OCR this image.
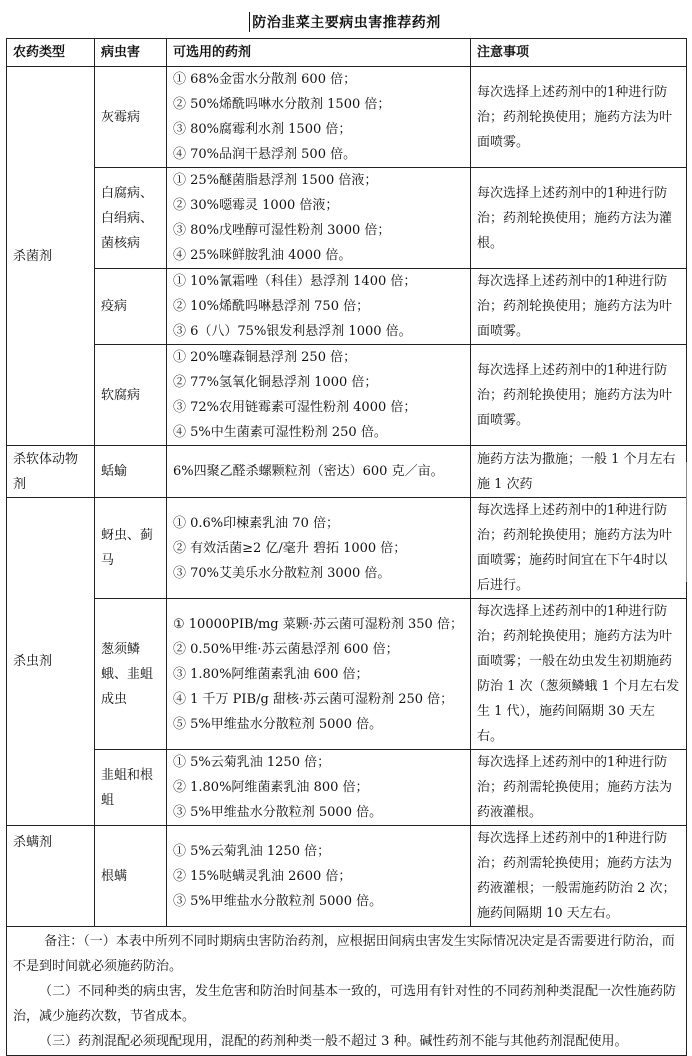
防治韭菜主要病虫害推荐药剂
农药类型	病虫害	可选用的药剂	注意事项
杀菌剂	灰霉病	① 68%金雷水分散剂 600 倍；
② 50%烯酰吗啉水分散剂 1500 倍；
③ 80%腐霉利水剂 1500 倍；
④ 70%品润干悬浮剂 500 倍。	每次选择上述药剂中的1种进行防治；药剂轮换使用；施药方法为叶面喷雾。
	白腐病、白绢病、菌核病	① 25%醚菌脂悬浮剂 1500 倍液；
② 30%噁霉灵 1000 倍液；
③ 80%戊唑醇可湿性粉剂 3000 倍；
④ 25%咪鲜胺乳油 4000 倍。	每次选择上述药剂中的1种进行防治；药剂轮换使用；施药方法为灌根。
	疫病	① 10%氰霜唑（科佳）悬浮剂 1400 倍；
② 10%烯酰吗啉悬浮剂 750 倍；
③ 6（八）75%银发利悬浮剂 1000 倍。	每次选择上述药剂中的1种进行防治；药剂轮换使用；施药方法为叶面喷雾。
	软腐病	① 20%噻森铜悬浮剂 250 倍；
② 77%氢氧化铜悬浮剂 1000 倍；
③ 72%农用链霉素可湿性粉剂 4000 倍；
④ 5%中生菌素可湿性粉剂 250 倍。	每次选择上述药剂中的1种进行防治；药剂轮换使用；施药方法为叶面喷雾。
杀软体动物剂	蛞蝓	6%四聚乙醛杀螺颗粒剂（密达）600 克／亩。	施药方法为撒施；一般 1 个月左右施 1 次药
杀虫剂	蚜虫、蓟马	① 0.6%印楝素乳油 70 倍；
② 有效活菌≥2 亿/毫升 碧拓 1000 倍；
③ 70%艾美乐水分散粒剂 3000 倍。	每次选择上述药剂中的1种进行防治；药剂轮换使用；施药方法为叶面喷雾；施药时间宜在下午4时以后进行。
	葱须鳞蛾、韭蛆成虫	① 10000PIB/mg 菜颗·苏云菌可湿粉剂 350 倍；
② 0.50%甲维·苏云菌悬浮剂 600 倍；
③ 1.80%阿维菌素乳油 600 倍；
④ 1 千万 PIB/g 甜核·苏云菌可湿粉剂 250 倍；
⑤ 5%甲维盐水分散粒剂 5000 倍。	每次选择上述药剂中的1种进行防治；药剂轮换使用；施药方法为叶面喷雾；一般在幼虫发生初期施药防治 1 次（葱须鳞蛾 1 个月左右发生 1 代），施药间隔期 30 天左右。
	韭蛆和根蛆	① 5%云菊乳油 1250 倍；
② 1.80%阿维菌素乳油 800 倍；
③ 5%甲维盐水分散粒剂 5000 倍。	每次选择上述药剂中的1种进行防治；药剂需轮换使用；施药方法为药液灌根。
杀螨剂	根螨	① 5%云菊乳油 1250 倍；
② 15%哒螨灵乳油 2600 倍；
③ 5%甲维盐水分散粒剂 5000 倍。	每次选择上述药剂中的1种进行防治；药剂需轮换使用；施药方法为药液灌根；一般需施药防治 2 次；施药间隔期 10 天左右。

备注：（一）本表中所列不同时期病虫害防治药剂，应根据田间病虫害发生实际情况决定是否需要进行防治，而不是到时间就必须施药防治。

（二）不同种类的病虫害，发生危害和防治时间基本一致的，可选用有针对性的不同药剂种类混配一次性施药防治，减少施药次数，节省成本。

（三）药剂混配必须现配现用，混配的药剂种类一般不超过 3 种。碱性药剂不能与其他药剂混配使用。			
